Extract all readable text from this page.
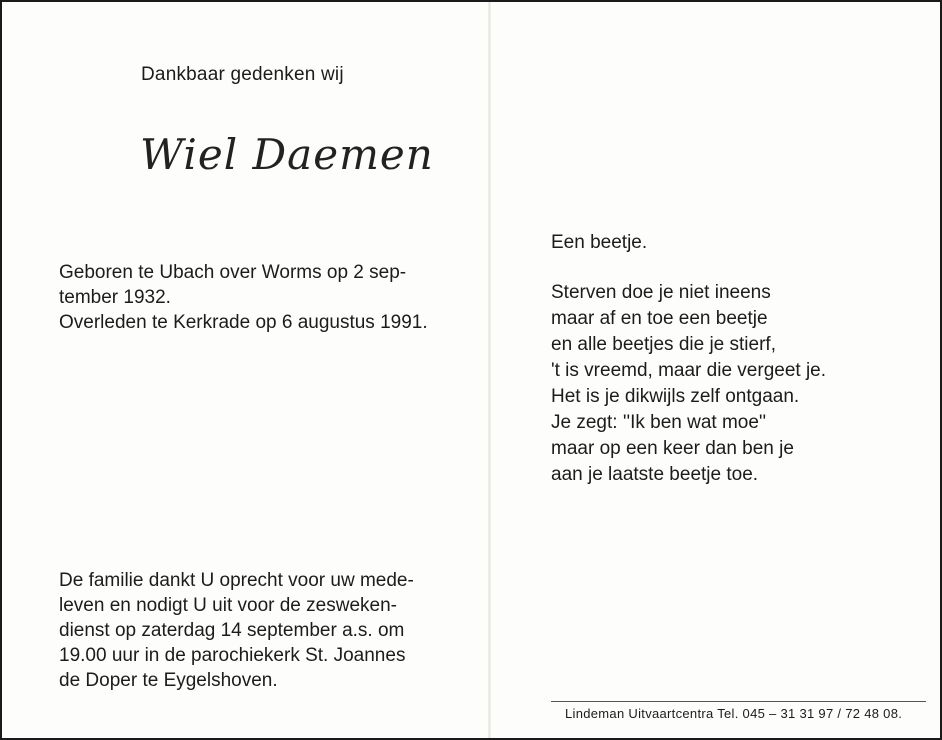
Dankbaar gedenken wij
Wiel Daemen
Geboren te Ubach over Worms op 2 sep-
tember 1932.
Overleden te Kerkrade op 6 augustus 1991.
De familie dankt U oprecht voor uw mede-
leven en nodigt U uit voor de zesweken-
dienst op zaterdag 14 september a.s. om
19.00 uur in de parochiekerk St. Joannes
de Doper te Eygelshoven.
Een beetje.
Sterven doe je niet ineens
maar af en toe een beetje
en alle beetjes die je stierf,
't is vreemd, maar die vergeet je.
Het is je dikwijls zelf ontgaan.
Je zegt: ''Ik ben wat moe''
maar op een keer dan ben je
aan je laatste beetje toe.
Lindeman Uitvaartcentra Tel. 045 – 31 31 97 / 72 48 08.
